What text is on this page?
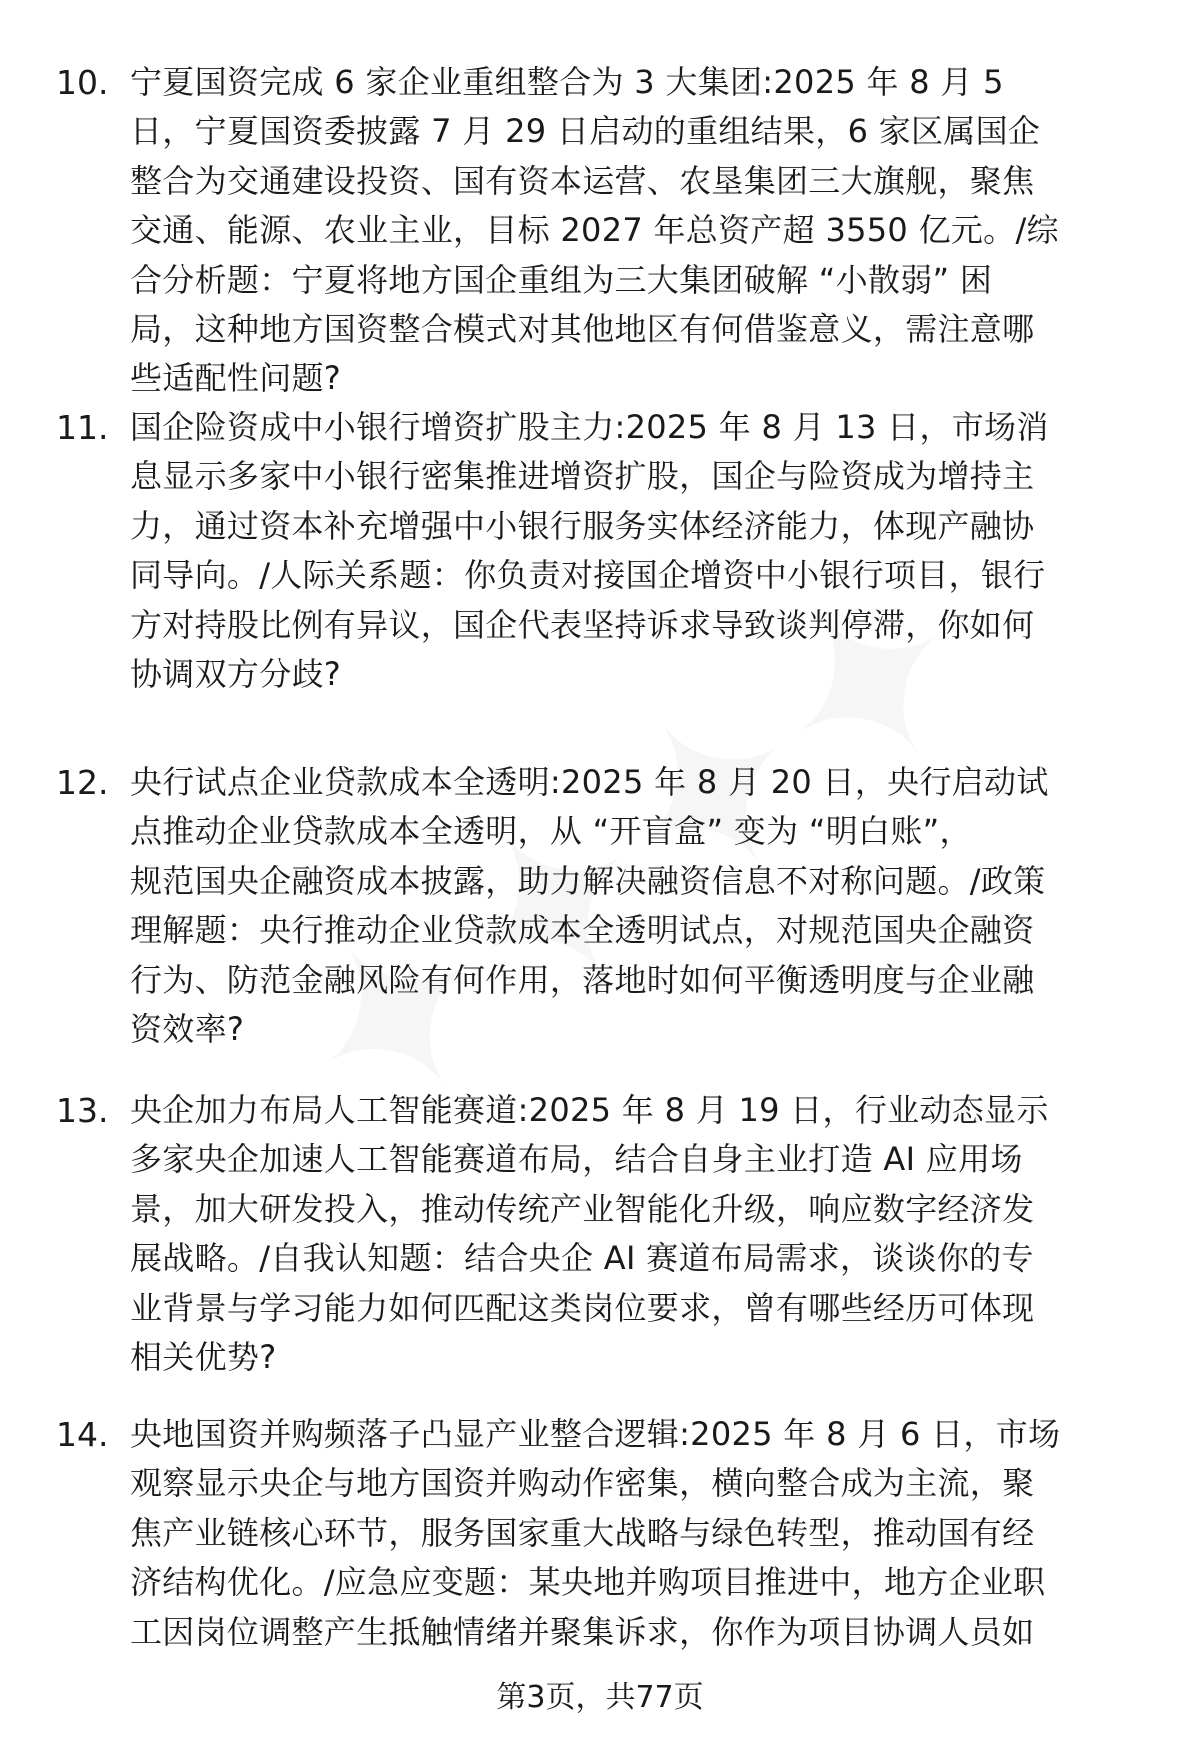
10. 宁夏国资完成 6 家企业重组整合为 3 大集团:2025 年 8 月 5
日，宁夏国资委披露 7 月 29 日启动的重组结果，6 家区属国企
整合为交通建设投资、国有资本运营、农垦集团三大旗舰，聚焦
交通、能源、农业主业，目标 2027 年总资产超 3550 亿元。/综
合分析题：宁夏将地方国企重组为三大集团破解 “小散弱” 困
局，这种地方国资整合模式对其他地区有何借鉴意义，需注意哪
些适配性问题?
11. 国企险资成中小银行增资扩股主力:2025 年 8 月 13 日，市场消
息显示多家中小银行密集推进增资扩股，国企与险资成为增持主
力，通过资本补充增强中小银行服务实体经济能力，体现产融协
同导向。/人际关系题：你负责对接国企增资中小银行项目，银行
方对持股比例有异议，国企代表坚持诉求导致谈判停滞，你如何
协调双方分歧?
12. 央行试点企业贷款成本全透明:2025 年 8 月 20 日，央行启动试
点推动企业贷款成本全透明，从 “开盲盒” 变为 “明白账”，
规范国央企融资成本披露，助力解决融资信息不对称问题。/政策
理解题：央行推动企业贷款成本全透明试点，对规范国央企融资
行为、防范金融风险有何作用，落地时如何平衡透明度与企业融
资效率?
13. 央企加力布局人工智能赛道:2025 年 8 月 19 日，行业动态显示
多家央企加速人工智能赛道布局，结合自身主业打造 AI 应用场
景，加大研发投入，推动传统产业智能化升级，响应数字经济发
展战略。/自我认知题：结合央企 AI 赛道布局需求，谈谈你的专
业背景与学习能力如何匹配这类岗位要求，曾有哪些经历可体现
相关优势?
14. 央地国资并购频落子凸显产业整合逻辑:2025 年 8 月 6 日，市场
观察显示央企与地方国资并购动作密集，横向整合成为主流，聚
焦产业链核心环节，服务国家重大战略与绿色转型，推动国有经
济结构优化。/应急应变题：某央地并购项目推进中，地方企业职
工因岗位调整产生抵触情绪并聚集诉求，你作为项目协调人员如
第3页，共77页
